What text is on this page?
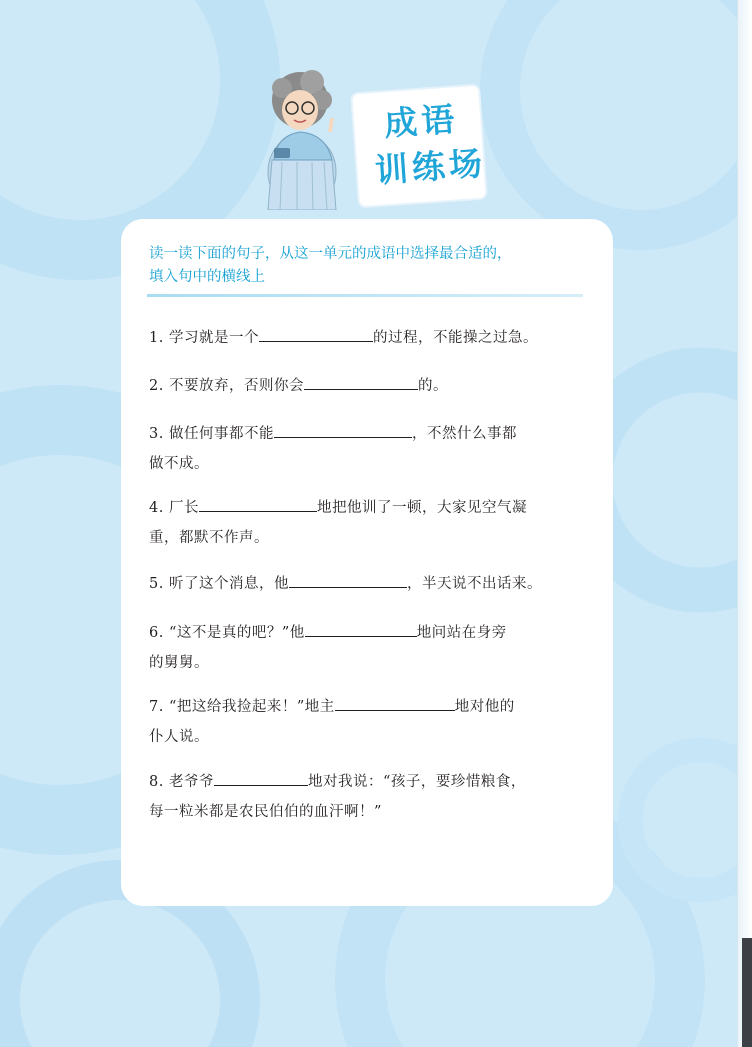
成语
训练场
读一读下面的句子，从这一单元的成语中选择最合适的，
填入句中的横线上
1. 学习就是一个	的过程，不能操之过急。
2. 不要放弃，否则你会	的。
3. 做任何事都不能	，不然什么事都
做不成。
4. 厂长	地把他训了一顿，大家见空气凝
重，都默不作声。
5. 听了这个消息，他	，半天说不出话来。
6. “这不是真的吧？”他	地问站在身旁
的舅舅。
7. “把这给我捡起来！”地主	地对他的
仆人说。
8. 老爷爷	地对我说：“孩子，要珍惜粮食，
每一粒米都是农民伯伯的血汗啊！”
